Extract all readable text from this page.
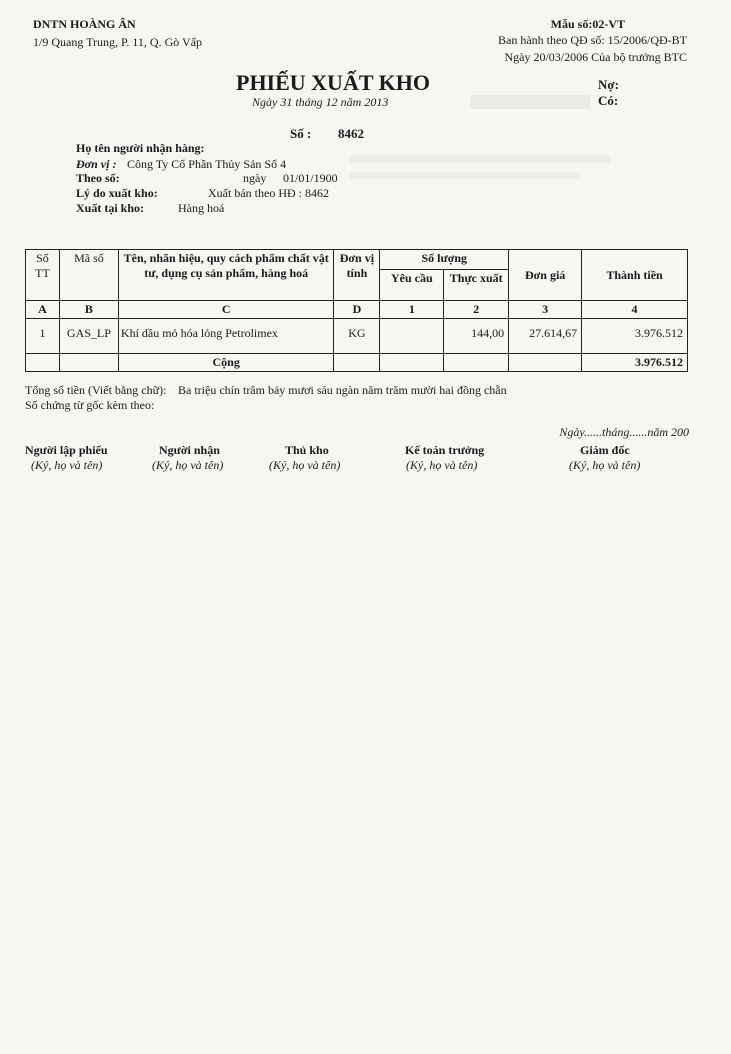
DNTN HOÀNG ÂN
1/9 Quang Trung, P. 11, Q. Gò Vấp
Mẫu số:02-VT
Ban hành theo QĐ số: 15/2006/QĐ-BT
Ngày 20/03/2006 Của bộ trưởng BTC
PHIẾU XUẤT KHO
Ngày 31 tháng 12 năm 2013
Nợ:
Có:
Số : 8462
Họ tên người nhận hàng:
Đơn vị : Công Ty Cổ Phần Thủy Sản Số 4
Theo số:	ngày 01/01/1900
Lý do xuất kho:	Xuất bán theo HĐ : 8462
Xuất tại kho:	Hàng hoá
Số TT	Mã số	Tên, nhãn hiệu, quy cách phẩm chất vật tư, dụng cụ sản phẩm, hàng hoá	Đơn vị tính	Số lượng		Đơn giá	Thành tiền
				Yêu cầu	Thực xuất		
A	B	C	D	1	2	3	4
1	GAS_LP	Khí dầu mỏ hóa lỏng Petrolimex	KG		144,00	27.614,67	3.976.512
		Cộng					3.976.512
Tổng số tiền (Viết bằng chữ): Ba triệu chín trăm bảy mươi sáu ngàn năm trăm mười hai đồng chẵn
Số chứng từ gốc kèm theo:
Ngày......tháng......năm 200
Người lập phiếu
(Ký, họ và tên)
Người nhận
(Ký, họ và tên)
Thủ kho
(Ký, họ và tên)
Kế toán trưởng
(Ký, họ và tên)
Giám đốc
(Ký, họ và tên)
